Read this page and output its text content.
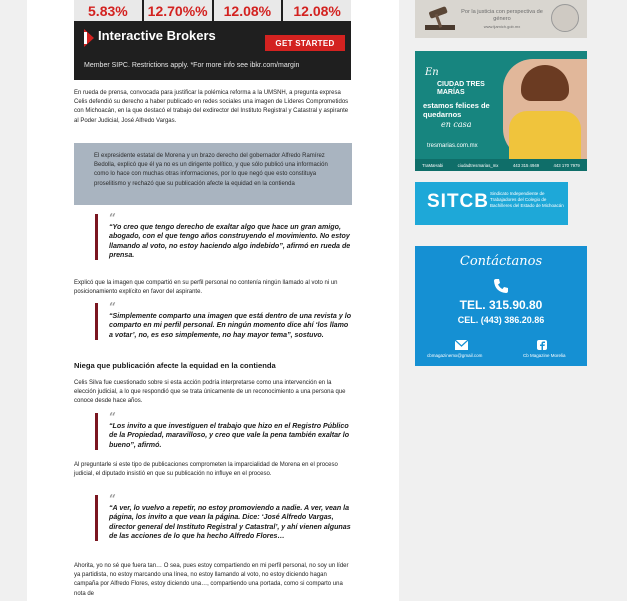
5.83%	12.70%%	12.08%	12.08%
Interactive Brokers	GET STARTED
Member SIPC. Restrictions apply. *For more info see ibkr.com/margin

En rueda de prensa, convocada para justificar la polémica reforma a la UMSNH, a pregunta expresa Celis defendió su derecho a haber publicado en redes sociales una imagen de Líderes Comprometidos con Michoacán, en la que destacó el trabajo del exdirector del Instituto Registral y Catastral y aspirante al Poder Judicial, José Alfredo Vargas.

El expresidente estatal de Morena y un brazo derecho del gobernador Alfredo Ramírez Bedolla, explicó que él ya no es un dirigente político, y que sólo publicó una información como lo hace con muchas otras informaciones, por lo que negó que esto constituya proselitismo y rechazó que su publicación afecte la equidad en la contienda
“

“Yo creo que tengo derecho de exaltar algo que hace un gran amigo, abogado, con el que tengo años construyendo el movimiento. No estoy llamando al voto, no estoy haciendo algo indebido”, afirmó en rueda de prensa.

Explicó que la imagen que compartió en su perfil personal no contenía ningún llamado al voto ni un posicionamiento explícito en favor del aspirante.

“

“Simplemente comparto una imagen que está dentro de una revista y lo comparto en mi perfil personal. En ningún momento dice ahí ‘los llamo a votar’, no, es eso simplemente, no hay mayor tema”, sostuvo.

Niega que publicación afecte la equidad en la contienda

Celis Silva fue cuestionado sobre si esta acción podría interpretarse como una intervención en la elección judicial, a lo que respondió que se trata únicamente de un reconocimiento a una persona que conoce desde hace años.

“

“Los invito a que investiguen el trabajo que hizo en el Registro Público de la Propiedad, maravilloso, y creo que vale la pena también exaltar lo bueno”, afirmó.

Al preguntarle si este tipo de publicaciones comprometen la imparcialidad de Morena en el proceso judicial, el diputado insistió en que su publicación no influye en el proceso.

“

“A ver, lo vuelvo a repetir, no estoy promoviendo a nadie. A ver, vean la página, los invito a que vean la página. Dice: ‘José Alfredo Vargas, director general del Instituto Registral y Catastral’, y ahí vienen algunas de las acciones de lo que ha hecho Alfredo Flores…

Ahorita, yo no sé que fuera tan… O sea, pues estoy compartiendo en mi perfil personal, no soy un líder ya partidista, no estoy marcando una línea, no estoy llamando al voto, no estoy diciendo hagan campaña por Alfredo Flores, estoy diciendo una…, compartiendo una portada, como si comparto una nota de

Por la justicia con perspectiva de género
www.tjamich.gob.mx
En
CIUDAD TRES MARÍAS
estamos felices de quedarnos
en casa
tresmarias.com.mx
TraMaHabi	ciudadtresmarias_mx	443 315 4949	443 170 7979
SITCB Sindicato Independiente de Trabajadores del Colegio de Bachilleres del Estado de Michoacán
Contáctanos
TEL. 315.90.80
CEL. (443) 386.20.86
cbmagazinemx@gmail.com	Cb Magazine Morelia
